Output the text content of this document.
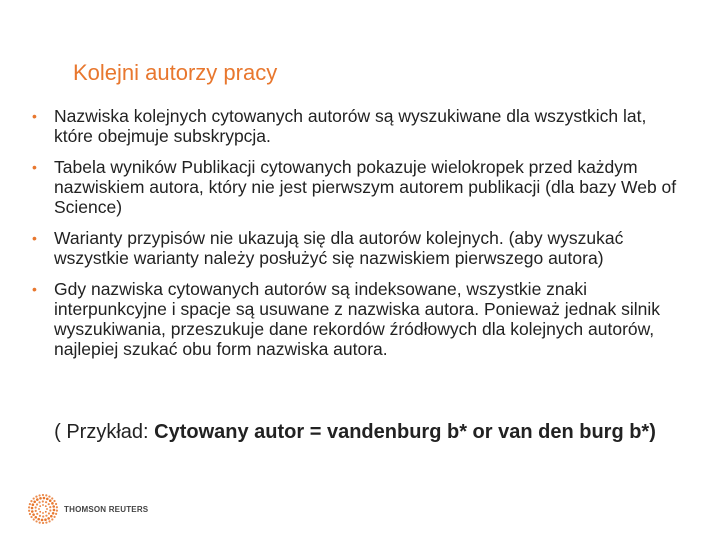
Kolejni autorzy pracy
• Nazwiska kolejnych cytowanych autorów są wyszukiwane dla wszystkich lat, które obejmuje subskrypcja.
• Tabela wyników Publikacji cytowanych pokazuje wielokropek przed każdym nazwiskiem autora, który nie jest pierwszym autorem publikacji (dla bazy Web of Science)
• Warianty przypisów nie ukazują się dla autorów kolejnych. (aby wyszukać wszystkie warianty należy posłużyć się nazwiskiem pierwszego autora)
• Gdy nazwiska cytowanych autorów są indeksowane, wszystkie znaki interpunkcyjne i spacje są usuwane z nazwiska autora. Ponieważ jednak silnik wyszukiwania, przeszukuje dane rekordów źródłowych dla kolejnych autorów, najlepiej szukać obu form nazwiska autora.
( Przykład: Cytowany autor = vandenburg b* or van den burg b*)
THOMSON REUTERS
